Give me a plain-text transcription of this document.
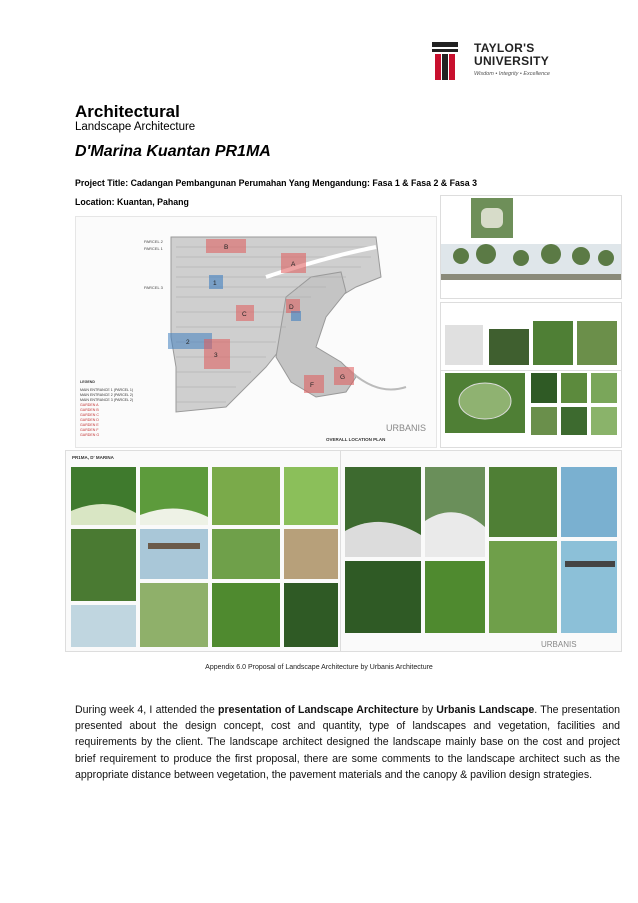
TAYLOR'S
UNIVERSITY
Wisdom • Integrity • Excellence
Architectural
Landscape Architecture
D'Marina Kuantan PR1MA
Project Title: Cadangan Pembangunan Perumahan Yang Mengandung: Fasa 1 & Fasa 2 & Fasa 3
Location: Kuantan, Pahang
B
A
1
C
D
2
3
F
G
PARCEL 2
PARCEL 1
PARCEL 3
LEGEND
MAIN ENTRANCE 1 (PARCEL 1)
MAIN ENTRANCE 2 (PARCEL 2)
MAIN ENTRANCE 3 (PARCEL 2)
GARDEN A
GARDEN B
GARDEN C
GARDEN D
GARDEN E
GARDEN F
GARDEN G
OVERALL LOCATION PLAN
URBANIS
PR1MA, D' MARINA
URBANIS
Appendix 6.0 Proposal of Landscape Architecture by Urbanis Architecture
During week 4, I attended the presentation of Landscape Architecture by Urbanis Landscape. The presentation presented about the design concept, cost and quantity, type of landscapes and vegetation, facilities and requirements by the client. The landscape architect designed the landscape mainly base on the cost and project brief requirement to produce the first proposal, there are some comments to the landscape architect such as the appropriate distance between vegetation, the pavement materials and the canopy & pavilion design strategies.
